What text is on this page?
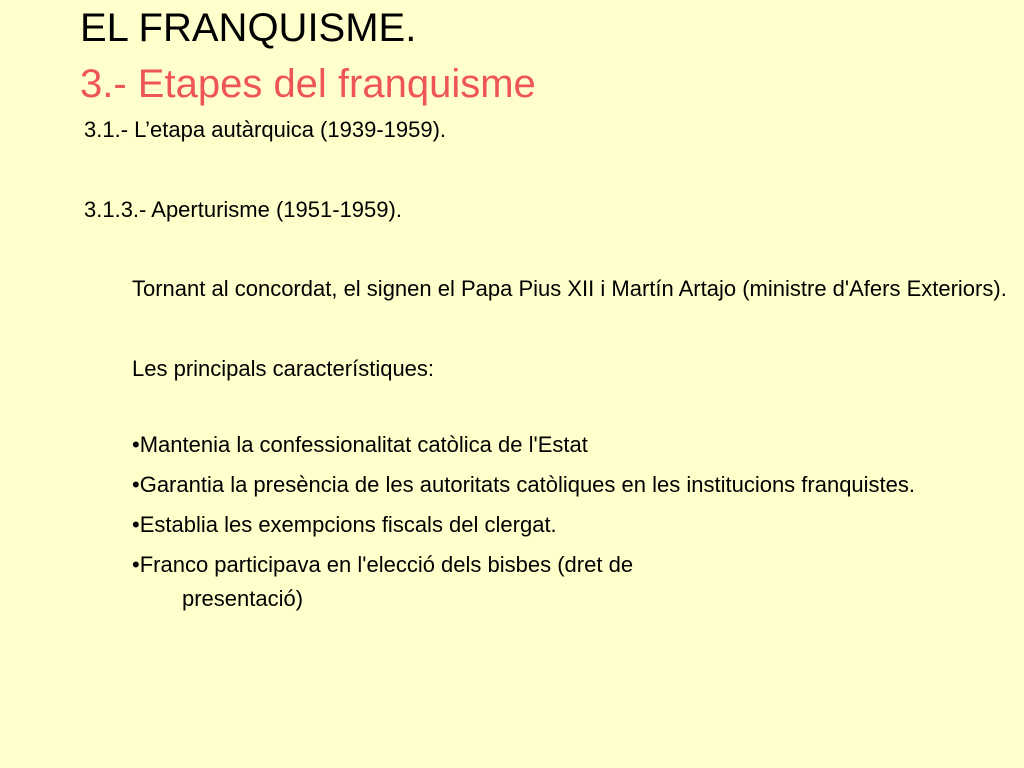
EL FRANQUISME.
3.- Etapes del franquisme
3.1.- L’etapa autàrquica (1939-1959).
3.1.3.- Aperturisme (1951-1959).
Tornant al concordat, el signen el Papa Pius XII i Martín Artajo (ministre d'Afers Exteriors).
Les principals característiques:
•Mantenia la confessionalitat catòlica de l'Estat
•Garantia la presència de les autoritats catòliques en les institucions franquistes.
•Establia les exempcions fiscals del clergat.
•Franco participava en l'elecció dels bisbes (dret de
presentació)
